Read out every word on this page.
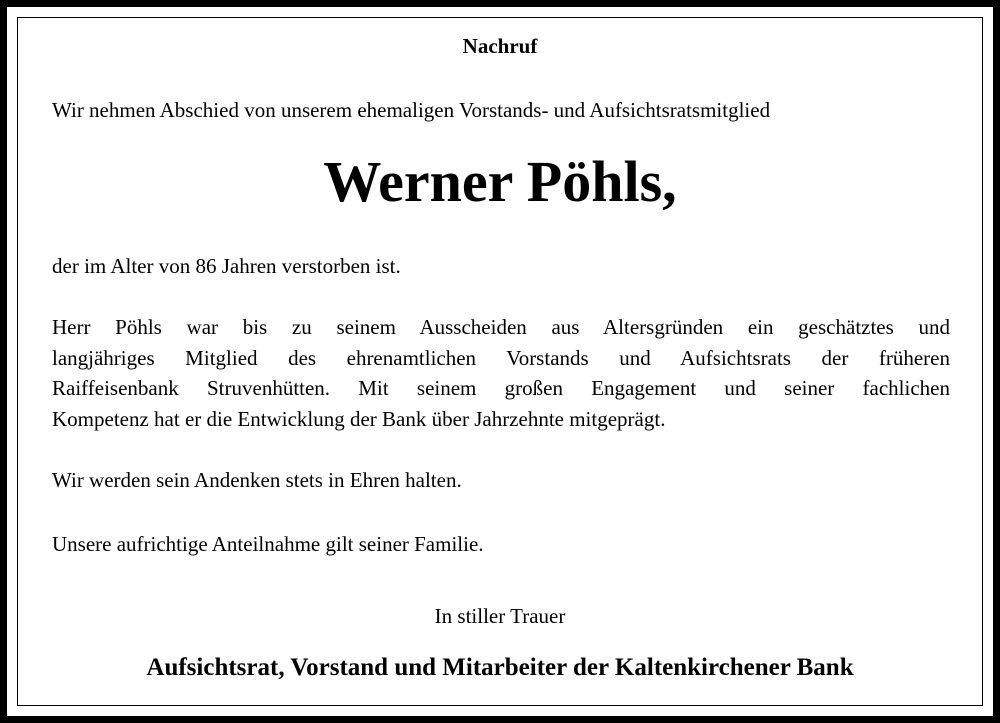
Nachruf
Wir nehmen Abschied von unserem ehemaligen Vorstands- und Aufsichtsratsmitglied
Werner Pöhls,
der im Alter von 86 Jahren verstorben ist.
Herr Pöhls war bis zu seinem Ausscheiden aus Altersgründen ein geschätztes und
langjähriges Mitglied des ehrenamtlichen Vorstands und Aufsichtsrats der früheren
Raiffeisenbank Struvenhütten. Mit seinem großen Engagement und seiner fachlichen
Kompetenz hat er die Entwicklung der Bank über Jahrzehnte mitgeprägt.
Wir werden sein Andenken stets in Ehren halten.
Unsere aufrichtige Anteilnahme gilt seiner Familie.
In stiller Trauer
Aufsichtsrat, Vorstand und Mitarbeiter der Kaltenkirchener Bank
